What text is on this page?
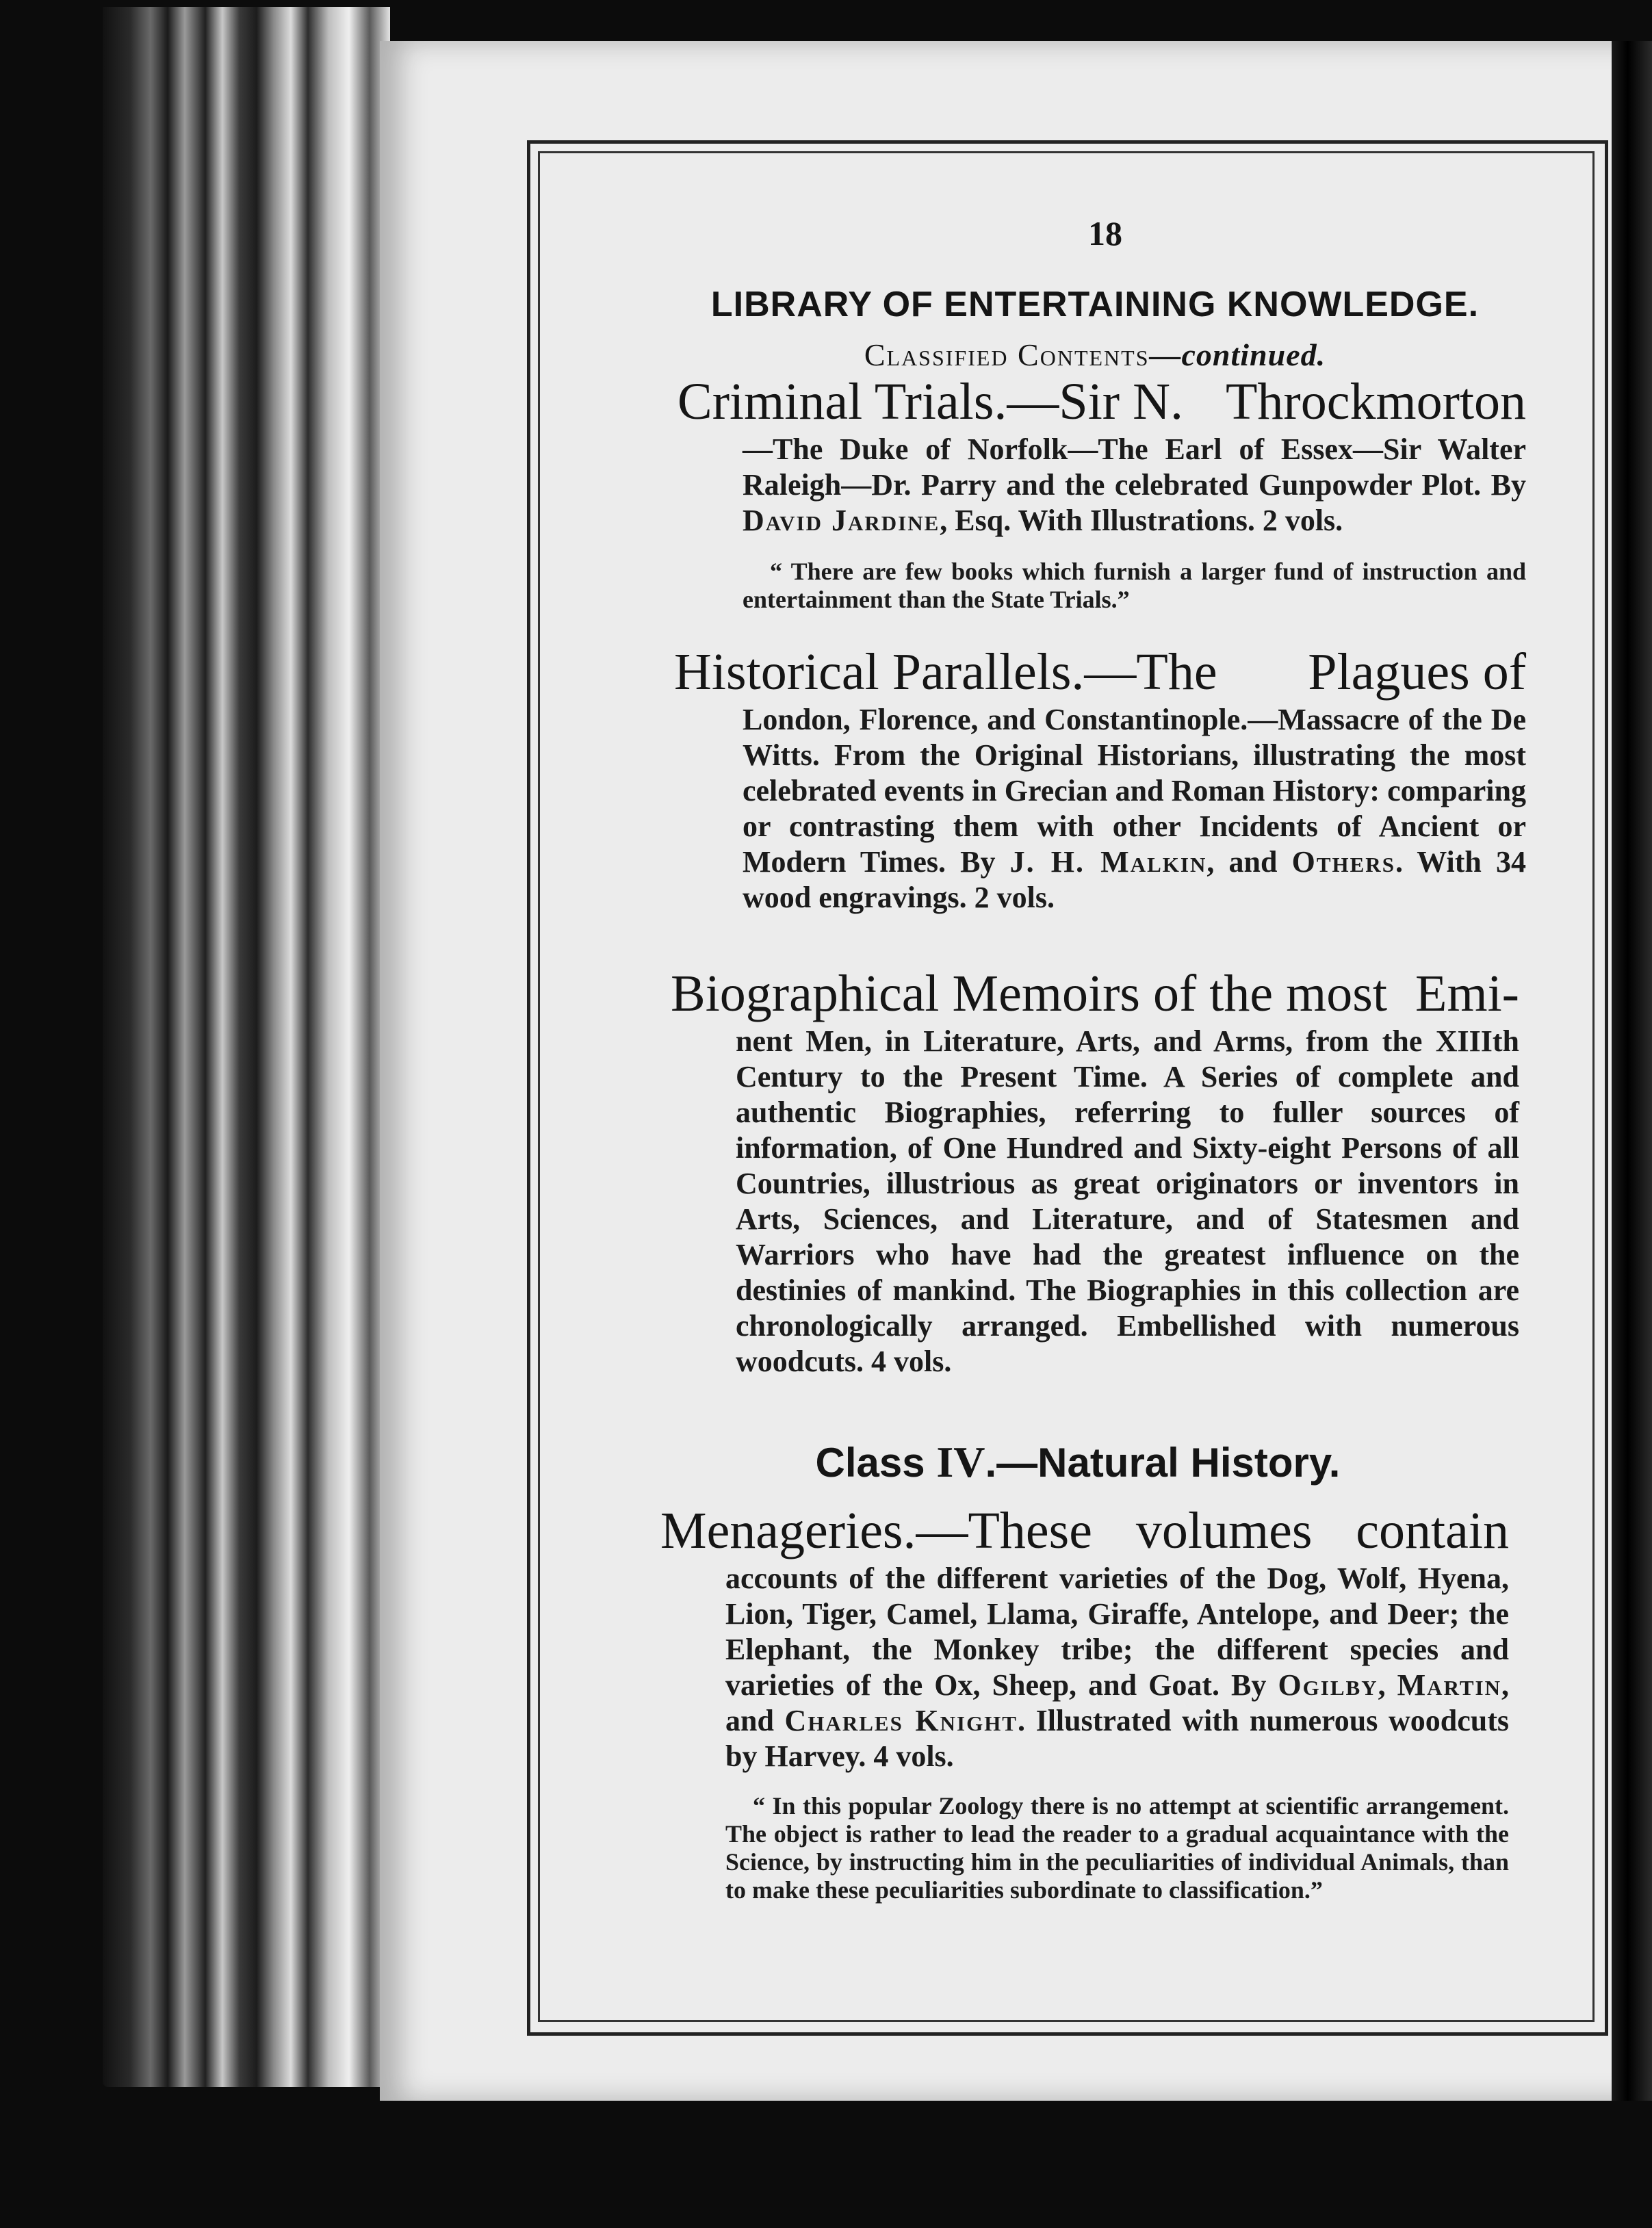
18
LIBRARY OF ENTERTAINING KNOWLEDGE.
Classified Contents—continued.
Criminal Trials.—Sir N. Throckmorton
—The Duke of Norfolk—The Earl of Essex—Sir Walter Raleigh—Dr. Parry and the celebrated Gunpowder Plot. By David Jardine, Esq. With Illustrations. 2 vols.
“ There are few books which furnish a larger fund of instruction and entertainment than the State Trials.”
Historical Parallels.—The Plagues of
London, Florence, and Constantinople.—Massacre of the De Witts. From the Original Historians, illustrating the most celebrated events in Grecian and Roman History: comparing or contrasting them with other Incidents of Ancient or Modern Times. By J. H. Malkin, and Others. With 34 wood engravings. 2 vols.
Biographical Memoirs of the most Emi-
nent Men, in Literature, Arts, and Arms, from the XIIIth Century to the Present Time. A Series of complete and authentic Biographies, referring to fuller sources of information, of One Hundred and Sixty-eight Persons of all Countries, illustrious as great originators or inventors in Arts, Sciences, and Literature, and of Statesmen and Warriors who have had the greatest influence on the destinies of mankind. The Biographies in this collection are chronologically arranged. Embellished with numerous woodcuts. 4 vols.
Class IV.—Natural History.
Menageries.—These volumes contain
accounts of the different varieties of the Dog, Wolf, Hyena, Lion, Tiger, Camel, Llama, Giraffe, Antelope, and Deer; the Elephant, the Monkey tribe; the different species and varieties of the Ox, Sheep, and Goat. By Ogilby, Martin, and Charles Knight. Illustrated with numerous woodcuts by Harvey. 4 vols.
“ In this popular Zoology there is no attempt at scientific arrangement. The object is rather to lead the reader to a gradual acquaintance with the Science, by instructing him in the peculiarities of individual Animals, than to make these peculiarities subordinate to classification.”
